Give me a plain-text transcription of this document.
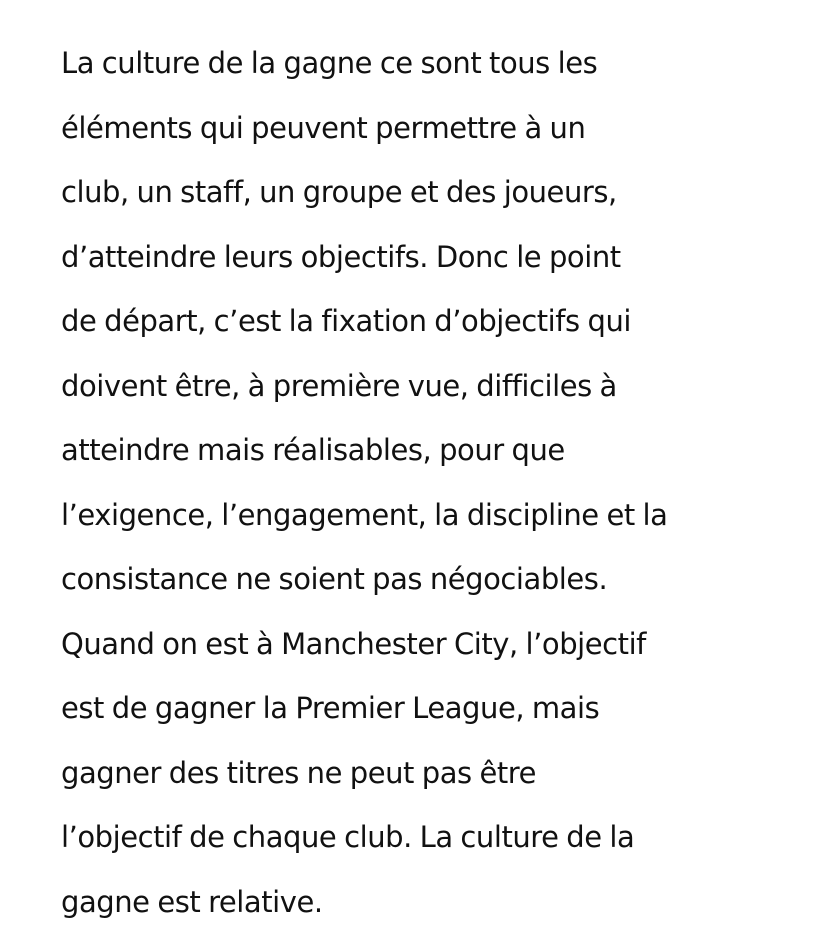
La culture de la gagne ce sont tous les
éléments qui peuvent permettre à un
club, un staff, un groupe et des joueurs,
d’atteindre leurs objectifs. Donc le point
de départ, c’est la fixation d’objectifs qui
doivent être, à première vue, difficiles à
atteindre mais réalisables, pour que
l’exigence, l’engagement, la discipline et la
consistance ne soient pas négociables.
Quand on est à Manchester City, l’objectif
est de gagner la Premier League, mais
gagner des titres ne peut pas être
l’objectif de chaque club. La culture de la
gagne est relative.
